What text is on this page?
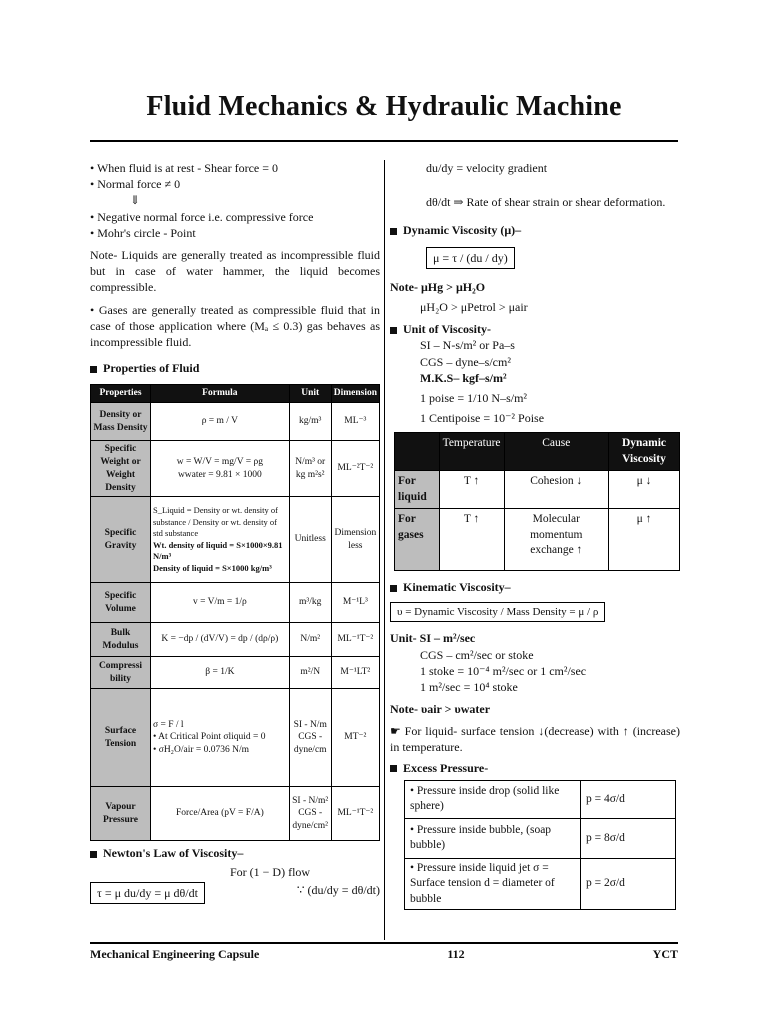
Fluid Mechanics & Hydraulic Machine
• When fluid is at rest - Shear force = 0
• Normal force ≠ 0
⇓
• Negative normal force i.e. compressive force
• Mohr's circle - Point

Note- Liquids are generally treated as incompressible fluid but in case of water hammer, the liquid becomes compressible.

• Gases are generally treated as compressible fluid that in case of those application where (Mₐ ≤ 0.3) gas behaves as incompressible fluid.

Properties of Fluid
Properties	Formula	Unit	Dimension
Density or Mass Density	ρ = m / V	kg/m³	ML⁻³
Specific Weight or Weight Density	w = W/V = mg/V = ρg
wwater = 9.81 × 1000	N/m³ or kg m²s²	ML⁻²T⁻²
Specific Gravity	S_Liquid = Density or wt. density of substance / Density or wt. density of std substance
Wt. density of liquid = S×1000×9.81 N/m³
Density of liquid = S×1000 kg/m³	Unitless	Dimension less
Specific Volume	v = V/m = 1/ρ	m³/kg	M⁻¹L³
Bulk Modulus	K = −dp / (dV/V) = dp / (dρ/ρ)	N/m²	ML⁻¹T⁻²
Compressi bility	β = 1/K	m²/N	M⁻¹LT²
Surface Tension	σ = F / l
• At Critical Point σliquid = 0
• σH₂O/air = 0.0736 N/m	SI - N/m CGS - dyne/cm	MT⁻²
Vapour Pressure	Force/Area (pV = F/A)	SI - N/m² CGS - dyne/cm²	ML⁻¹T⁻²
Newton's Law of Viscosity–
For (1 − D) flow
τ = μ du/dy = μ dθ/dt	∵ (du/dy = dθ/dt)
du/dy = velocity gradient
dθ/dt ⇒ Rate of shear strain or shear deformation.
Dynamic Viscosity (μ)–
μ = τ / (du / dy)
Note- μHg > μH₂O
μH₂O > μPetrol > μair
Unit of Viscosity-
SI – N-s/m² or Pa–s
CGS – dyne–s/cm²
M.K.S– kgf–s/m²
1 poise = 1/10 N–s/m²
1 Centipoise = 10⁻² Poise
	Temperature	Cause	Dynamic Viscosity
For liquid	T ↑	Cohesion ↓	μ ↓
For gases	T ↑	Molecular momentum exchange ↑	μ ↑
Kinematic Viscosity–
υ = Dynamic Viscosity / Mass Density = μ / ρ
Unit- SI – m²/sec
CGS – cm²/sec or stoke
1 stoke = 10⁻⁴ m²/sec or 1 cm²/sec
1 m²/sec = 10⁴ stoke
Note- υair > υwater

☛ For liquid- surface tension ↓(decrease) with ↑ (increase) in temperature.

Excess Pressure-
• Pressure inside drop (solid like sphere)	p = 4σ/d
• Pressure inside bubble, (soap bubble)	p = 8σ/d
• Pressure inside liquid jet σ = Surface tension d = diameter of bubble	p = 2σ/d
Mechanical Engineering Capsule	112	YCT
